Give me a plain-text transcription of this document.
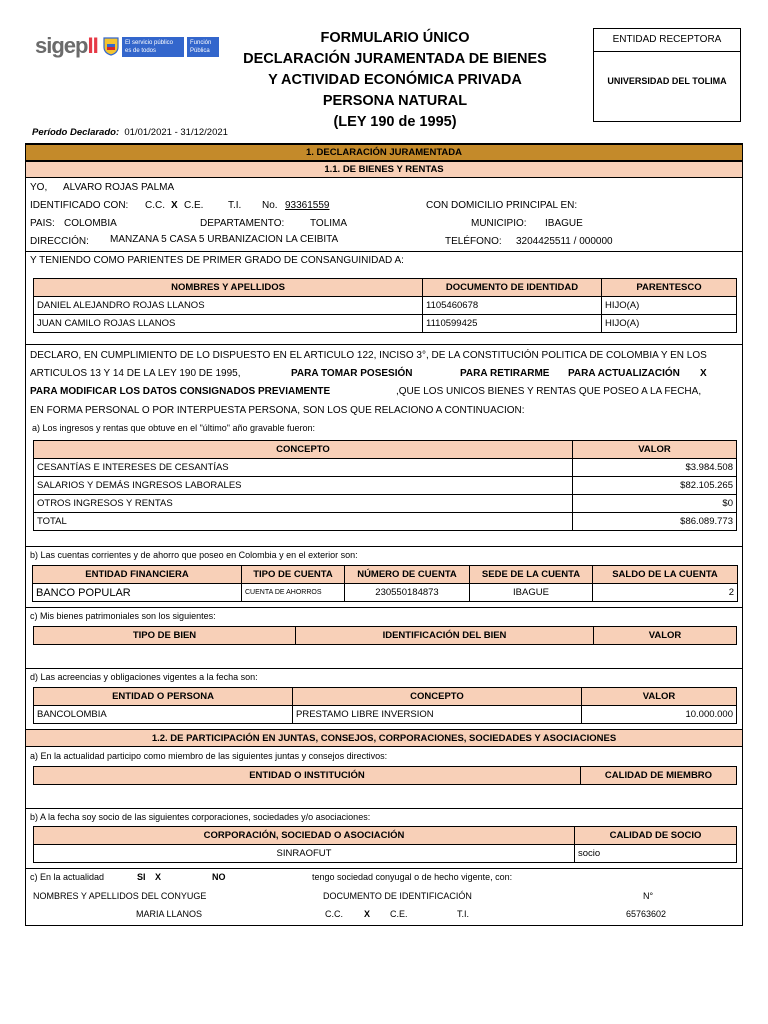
sigepII	El servicio público es de todos
Función Pública
FORMULARIO ÚNICO
DECLARACIÓN JURAMENTADA DE BIENES
Y ACTIVIDAD ECONÓMICA PRIVADA
PERSONA NATURAL
(LEY 190 de 1995)
ENTIDAD RECEPTORA
UNIVERSIDAD DEL TOLIMA
Período Declarado: 01/01/2021 - 31/12/2021
1. DECLARACIÓN JURAMENTADA
1.1. DE BIENES Y RENTAS
YO, ALVARO ROJAS PALMA
IDENTIFICADO CON: C.C. X C.E. T.I. No. 93361559	CON DOMICILIO PRINCIPAL EN:
PAIS: COLOMBIA	DEPARTAMENTO:	TOLIMA	MUNICIPIO: IBAGUE
DIRECCIÓN: MANZANA 5 CASA 5 URBANIZACION LA CEIBITA	TELÉFONO: 3204425511 / 000000
Y TENIENDO COMO PARIENTES DE PRIMER GRADO DE CONSANGUINIDAD A:
NOMBRES Y APELLIDOS	DOCUMENTO DE IDENTIDAD	PARENTESCO
DANIEL ALEJANDRO ROJAS LLANOS	1105460678	HIJO(A)
JUAN CAMILO ROJAS LLANOS	1110599425	HIJO(A)
DECLARO, EN CUMPLIMIENTO DE LO DISPUESTO EN EL ARTICULO 122, INCISO 3°, DE LA CONSTITUCIÓN POLITICA DE COLOMBIA Y EN LOS
ARTICULOS 13 Y 14 DE LA LEY 190 DE 1995,	PARA TOMAR POSESIÓN	PARA RETIRARME PARA ACTUALIZACIÓN X
PARA MODIFICAR LOS DATOS CONSIGNADOS PREVIAMENTE	,QUE LOS UNICOS BIENES Y RENTAS QUE POSEO A LA FECHA,
EN FORMA PERSONAL O POR INTERPUESTA PERSONA, SON LOS QUE RELACIONO A CONTINUACION:
a) Los ingresos y rentas que obtuve en el "último" año gravable fueron:
CONCEPTO	VALOR
CESANTÍAS E INTERESES DE CESANTÍAS	$3.984.508
SALARIOS Y DEMÁS INGRESOS LABORALES	$82.105.265
OTROS INGRESOS Y RENTAS	$0
TOTAL	$86.089.773
b) Las cuentas corrientes y de ahorro que poseo en Colombia y en el exterior son:
ENTIDAD FINANCIERA	TIPO DE CUENTA	NÚMERO DE CUENTA	SEDE DE LA CUENTA	SALDO DE LA CUENTA
BANCO POPULAR	CUENTA DE AHORROS	230550184873	IBAGUE	2
c) Mis bienes patrimoniales son los siguientes:
TIPO DE BIEN	IDENTIFICACIÓN DEL BIEN	VALOR
d) Las acreencias y obligaciones vigentes a la fecha son:
ENTIDAD O PERSONA	CONCEPTO	VALOR
BANCOLOMBIA	PRESTAMO LIBRE INVERSION	10.000.000
1.2. DE PARTICIPACIÓN EN JUNTAS, CONSEJOS, CORPORACIONES, SOCIEDADES Y ASOCIACIONES
a) En la actualidad participo como miembro de las siguientes juntas y consejos directivos:
ENTIDAD O INSTITUCIÓN	CALIDAD DE MIEMBRO
b) A la fecha soy socio de las siguientes corporaciones, sociedades y/o asociaciones:
CORPORACIÓN, SOCIEDAD O ASOCIACIÓN	CALIDAD DE SOCIO
SINRAOFUT	socio
c) En la actualidad	SI X	NO	tengo sociedad conyugal o de hecho vigente, con:
NOMBRES Y APELLIDOS DEL CONYUGE	DOCUMENTO DE IDENTIFICACIÓN	N°
MARIA LLANOS	C.C. X C.E.	T.I.	65763602
